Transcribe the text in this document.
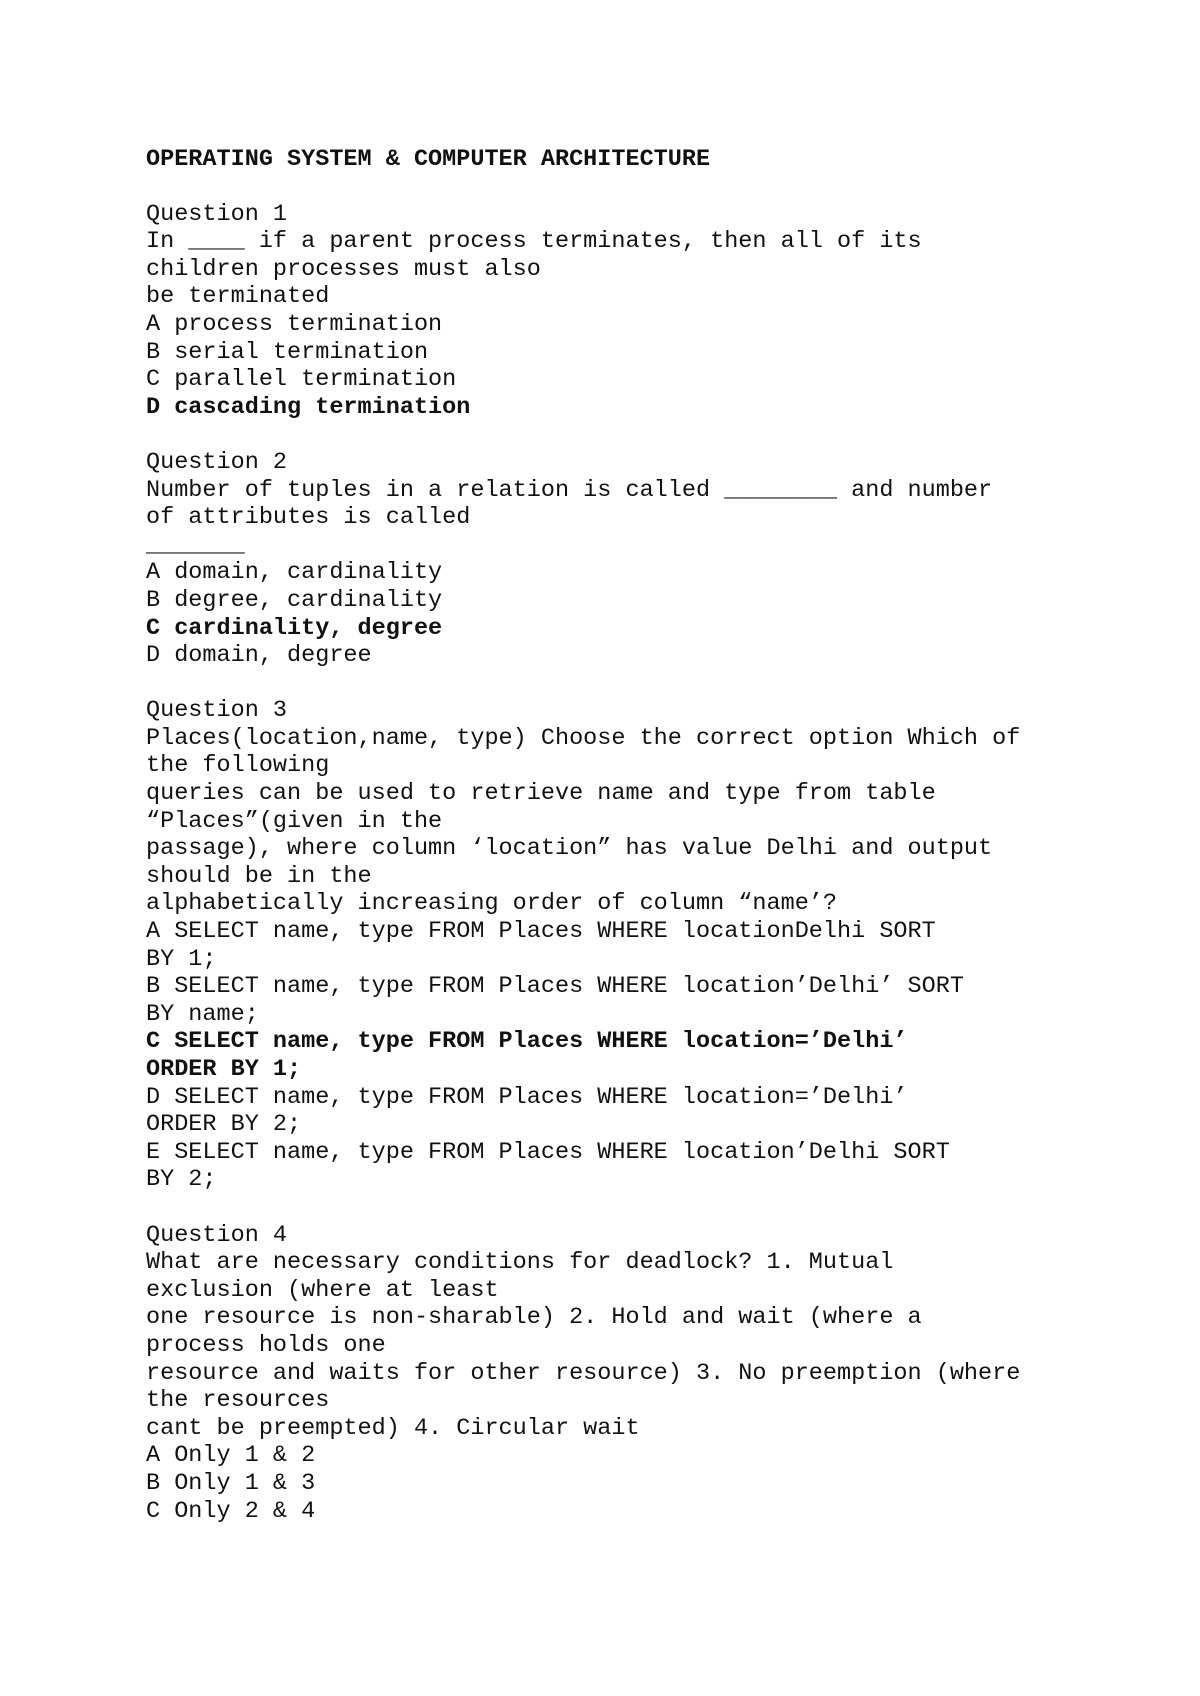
OPERATING SYSTEM & COMPUTER ARCHITECTURE
Question 1
In ____ if a parent process terminates, then all of its
children processes must also
be terminated
A process termination
B serial termination
C parallel termination
D cascading termination
Question 2
Number of tuples in a relation is called ________ and number
of attributes is called
_______
A domain, cardinality
B degree, cardinality
C cardinality, degree
D domain, degree
Question 3
Places(location,name, type) Choose the correct option Which of
the following
queries can be used to retrieve name and type from table
“Places”(given in the
passage), where column ‘location” has value Delhi and output
should be in the
alphabetically increasing order of column “name’?
A SELECT name, type FROM Places WHERE locationDelhi SORT
BY 1;
B SELECT name, type FROM Places WHERE location’Delhi’ SORT
BY name;
C SELECT name, type FROM Places WHERE location=’Delhi’
ORDER BY 1;
D SELECT name, type FROM Places WHERE location=’Delhi’
ORDER BY 2;
E SELECT name, type FROM Places WHERE location’Delhi SORT
BY 2;
Question 4
What are necessary conditions for deadlock? 1. Mutual
exclusion (where at least
one resource is non-sharable) 2. Hold and wait (where a
process holds one
resource and waits for other resource) 3. No preemption (where
the resources
cant be preempted) 4. Circular wait
A Only 1 & 2
B Only 1 & 3
C Only 2 & 4
